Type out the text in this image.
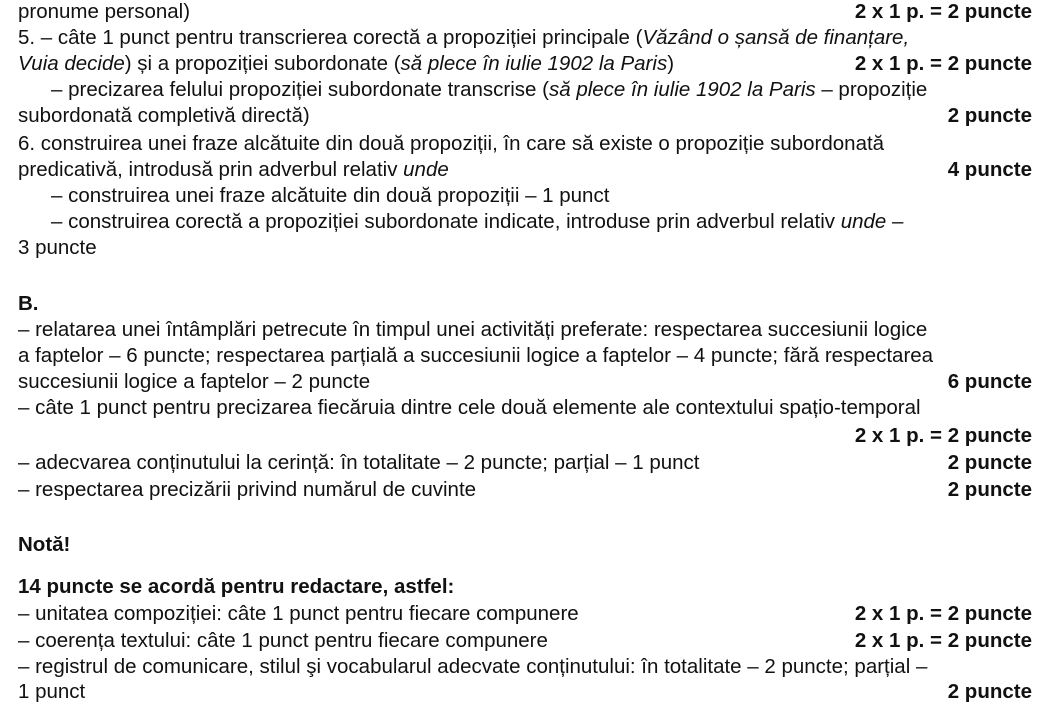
pronume personal)	2 x 1 p. = 2 puncte
5. – câte 1 punct pentru transcrierea corectă a propoziției principale (Văzând o șansă de finanțare,
Vuia decide) și a propoziției subordonate (să plece în iulie 1902 la Paris)	2 x 1 p. = 2 puncte
– precizarea felului propoziției subordonate transcrise (să plece în iulie 1902 la Paris – propoziție
subordonată completivă directă)	2 puncte
6. construirea unei fraze alcătuite din două propoziții, în care să existe o propoziție subordonată
predicativă, introdusă prin adverbul relativ unde	4 puncte
– construirea unei fraze alcătuite din două propoziții – 1 punct
– construirea corectă a propoziției subordonate indicate, introduse prin adverbul relativ unde –
3 puncte
B.
– relatarea unei întâmplări petrecute în timpul unei activități preferate: respectarea succesiunii logice
a faptelor – 6 puncte; respectarea parțială a succesiunii logice a faptelor – 4 puncte; fără respectarea
succesiunii logice a faptelor – 2 puncte	6 puncte
– câte 1 punct pentru precizarea fiecăruia dintre cele două elemente ale contextului spațio-temporal
2 x 1 p. = 2 puncte
– adecvarea conținutului la cerință: în totalitate – 2 puncte; parțial – 1 punct	2 puncte
– respectarea precizării privind numărul de cuvinte	2 puncte
Notă!
14 puncte se acordă pentru redactare, astfel:
– unitatea compoziției: câte 1 punct pentru fiecare compunere	2 x 1 p. = 2 puncte
– coerența textului: câte 1 punct pentru fiecare compunere	2 x 1 p. = 2 puncte
– registrul de comunicare, stilul şi vocabularul adecvate conținutului: în totalitate – 2 puncte; parțial –
1 punct	2 puncte
